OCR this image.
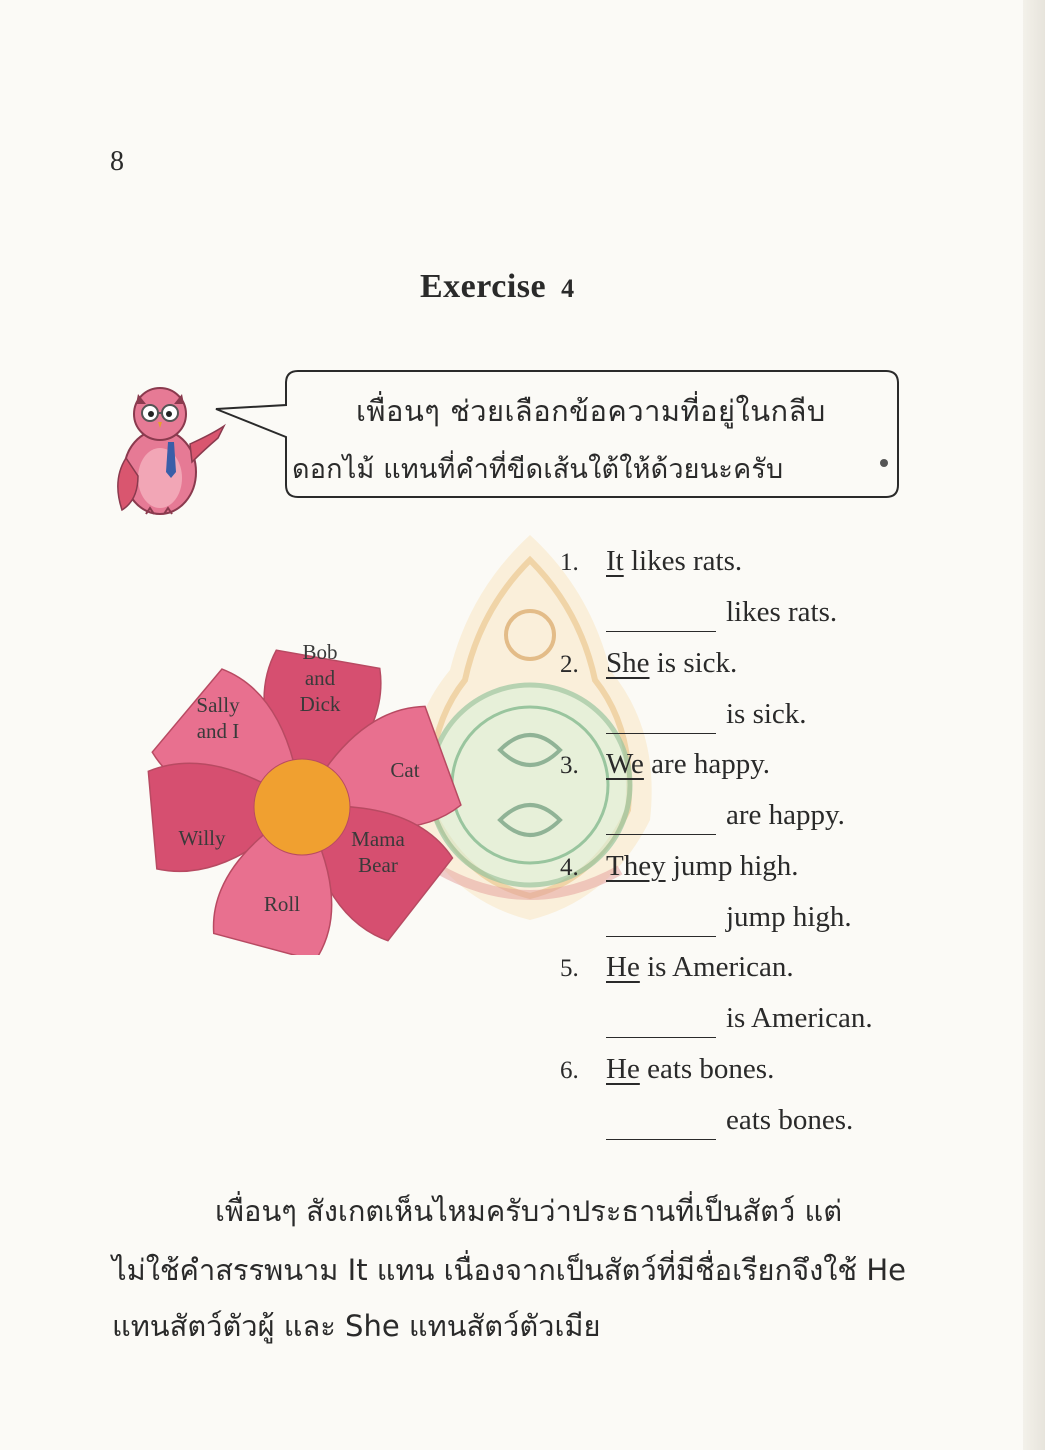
8
Exercise 4
เพื่อนๆ ช่วยเลือกข้อความที่อยู่ในกลีบ
ดอกไม้ แทนที่คำที่ขีดเส้นใต้ให้ด้วยนะครับ
Bob and Dick
Sally and I
Cat
Willy	Mama Bear
Roll
1. It likes rats.
likes rats.
2. She is sick.
is sick.
3. We are happy.
are happy.
4. They jump high.
jump high.
5. He is American.
is American.
6. He eats bones.
eats bones.
เพื่อนๆ สังเกตเห็นไหมครับว่าประธานที่เป็นสัตว์ แต่
ไม่ใช้คำสรรพนาม It แทน เนื่องจากเป็นสัตว์ที่มีชื่อเรียกจึงใช้ He
แทนสัตว์ตัวผู้ และ She แทนสัตว์ตัวเมีย
